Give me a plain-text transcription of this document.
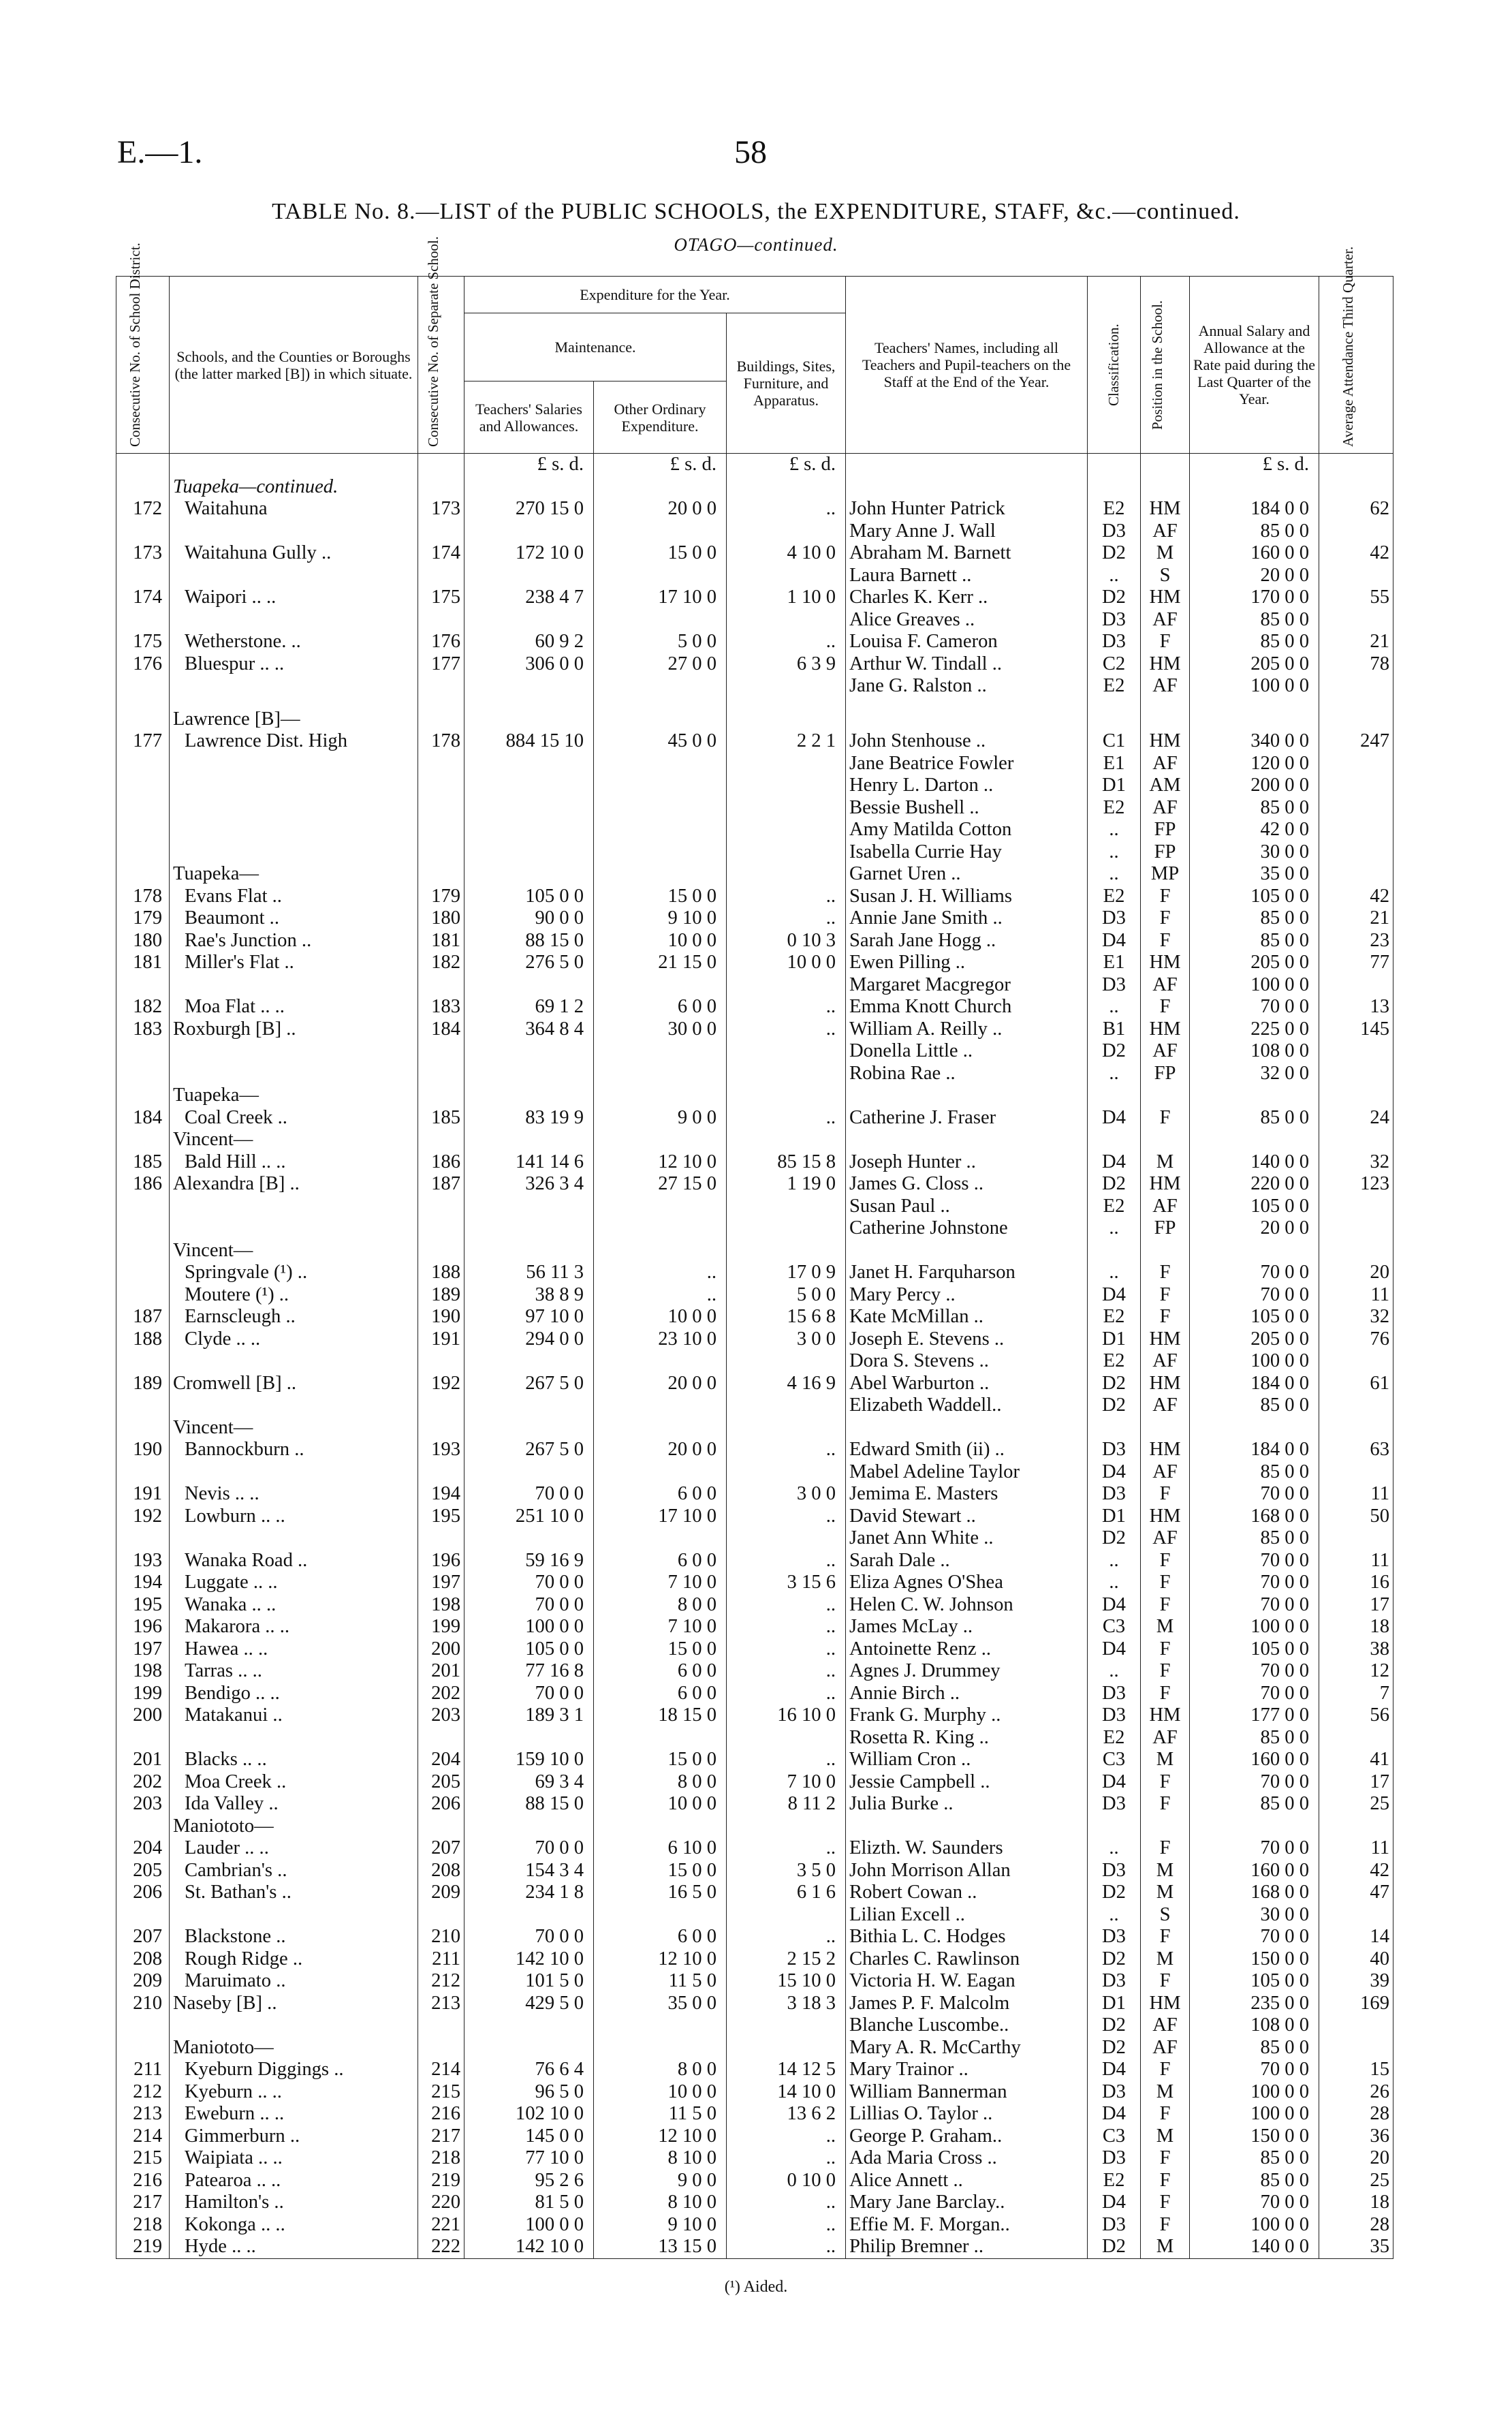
E.—1.	58
TABLE No. 8.—LIST of the PUBLIC SCHOOLS, the EXPENDITURE, STAFF, &c.—continued.
OTAGO—continued.
Consecutive No. of School District.	Schools, and the Counties or Boroughs (the latter marked [B]) in which situate.	Consecutive No. of Separate School.	Expenditure for the Year.			Teachers' Names, including all Teachers and Pupil-teachers on the Staff at the End of the Year.	Classification.	Position in the School.	Annual Salary and Allowance at the Rate paid during the Last Quarter of the Year.	Average Attendance Third Quarter.

			Maintenance.		Buildings, Sites, Furniture, and Apparatus.					
			Teachers' Salaries and Allowances.	Other Ordinary Expenditure.						
			£ s. d.	£ s. d.	£ s. d.				£ s. d.	
	Tuapeka—continued.									
172	Waitahuna	173	270 15 0	20 0 0	..	John Hunter Patrick	E2	HM	184 0 0	62
						Mary Anne J. Wall	D3	AF	85 0 0	
173	Waitahuna Gully ..	174	172 10 0	15 0 0	4 10 0	Abraham M. Barnett	D2	M	160 0 0	42
						Laura Barnett ..	..	S	20 0 0	
174	Waipori .. ..	175	238 4 7	17 10 0	1 10 0	Charles K. Kerr ..	D2	HM	170 0 0	55
						Alice Greaves ..	D3	AF	85 0 0	
175	Wetherstone. ..	176	60 9 2	5 0 0	..	Louisa F. Cameron	D3	F	85 0 0	21
176	Bluespur .. ..	177	306 0 0	27 0 0	6 3 9	Arthur W. Tindall ..	C2	HM	205 0 0	78
						Jane G. Ralston ..	E2	AF	100 0 0	

	Lawrence [B]—									
177	Lawrence Dist. High	178	884 15 10	45 0 0	2 2 1	John Stenhouse ..	C1	HM	340 0 0	247
						Jane Beatrice Fowler	E1	AF	120 0 0	
						Henry L. Darton ..	D1	AM	200 0 0	
						Bessie Bushell ..	E2	AF	85 0 0	
						Amy Matilda Cotton	..	FP	42 0 0	
						Isabella Currie Hay	..	FP	30 0 0	
	Tuapeka—					Garnet Uren ..	..	MP	35 0 0	
178	Evans Flat ..	179	105 0 0	15 0 0	..	Susan J. H. Williams	E2	F	105 0 0	42
179	Beaumont ..	180	90 0 0	9 10 0	..	Annie Jane Smith ..	D3	F	85 0 0	21
180	Rae's Junction ..	181	88 15 0	10 0 0	0 10 3	Sarah Jane Hogg ..	D4	F	85 0 0	23
181	Miller's Flat ..	182	276 5 0	21 15 0	10 0 0	Ewen Pilling ..	E1	HM	205 0 0	77
						Margaret Macgregor	D3	AF	100 0 0	
182	Moa Flat .. ..	183	69 1 2	6 0 0	..	Emma Knott Church	..	F	70 0 0	13
183	Roxburgh [B] ..	184	364 8 4	30 0 0	..	William A. Reilly ..	B1	HM	225 0 0	145
						Donella Little ..	D2	AF	108 0 0	
						Robina Rae ..	..	FP	32 0 0	
	Tuapeka—									
184	Coal Creek ..	185	83 19 9	9 0 0	..	Catherine J. Fraser	D4	F	85 0 0	24
	Vincent—									
185	Bald Hill .. ..	186	141 14 6	12 10 0	85 15 8	Joseph Hunter ..	D4	M	140 0 0	32
186	Alexandra [B] ..	187	326 3 4	27 15 0	1 19 0	James G. Closs ..	D2	HM	220 0 0	123
						Susan Paul ..	E2	AF	105 0 0	
						Catherine Johnstone	..	FP	20 0 0	
	Vincent—									
	Springvale (¹) ..	188	56 11 3	..	17 0 9	Janet H. Farquharson	..	F	70 0 0	20
	Moutere (¹) ..	189	38 8 9	..	5 0 0	Mary Percy ..	D4	F	70 0 0	11
187	Earnscleugh ..	190	97 10 0	10 0 0	15 6 8	Kate McMillan ..	E2	F	105 0 0	32
188	Clyde .. ..	191	294 0 0	23 10 0	3 0 0	Joseph E. Stevens ..	D1	HM	205 0 0	76
						Dora S. Stevens ..	E2	AF	100 0 0	
189	Cromwell [B] ..	192	267 5 0	20 0 0	4 16 9	Abel Warburton ..	D2	HM	184 0 0	61
						Elizabeth Waddell..	D2	AF	85 0 0	
	Vincent—									
190	Bannockburn ..	193	267 5 0	20 0 0	..	Edward Smith (ii) ..	D3	HM	184 0 0	63
						Mabel Adeline Taylor	D4	AF	85 0 0	
191	Nevis .. ..	194	70 0 0	6 0 0	3 0 0	Jemima E. Masters	D3	F	70 0 0	11
192	Lowburn .. ..	195	251 10 0	17 10 0	..	David Stewart ..	D1	HM	168 0 0	50
						Janet Ann White ..	D2	AF	85 0 0	
193	Wanaka Road ..	196	59 16 9	6 0 0	..	Sarah Dale ..	..	F	70 0 0	11
194	Luggate .. ..	197	70 0 0	7 10 0	3 15 6	Eliza Agnes O'Shea	..	F	70 0 0	16
195	Wanaka .. ..	198	70 0 0	8 0 0	..	Helen C. W. Johnson	D4	F	70 0 0	17
196	Makarora .. ..	199	100 0 0	7 10 0	..	James McLay ..	C3	M	100 0 0	18
197	Hawea .. ..	200	105 0 0	15 0 0	..	Antoinette Renz ..	D4	F	105 0 0	38
198	Tarras .. ..	201	77 16 8	6 0 0	..	Agnes J. Drummey	..	F	70 0 0	12
199	Bendigo .. ..	202	70 0 0	6 0 0	..	Annie Birch ..	D3	F	70 0 0	7
200	Matakanui ..	203	189 3 1	18 15 0	16 10 0	Frank G. Murphy ..	D3	HM	177 0 0	56
						Rosetta R. King ..	E2	AF	85 0 0	
201	Blacks .. ..	204	159 10 0	15 0 0	..	William Cron ..	C3	M	160 0 0	41
202	Moa Creek ..	205	69 3 4	8 0 0	7 10 0	Jessie Campbell ..	D4	F	70 0 0	17
203	Ida Valley ..	206	88 15 0	10 0 0	8 11 2	Julia Burke ..	D3	F	85 0 0	25
	Maniototo—									
204	Lauder .. ..	207	70 0 0	6 10 0	..	Elizth. W. Saunders	..	F	70 0 0	11
205	Cambrian's ..	208	154 3 4	15 0 0	3 5 0	John Morrison Allan	D3	M	160 0 0	42
206	St. Bathan's ..	209	234 1 8	16 5 0	6 1 6	Robert Cowan ..	D2	M	168 0 0	47
						Lilian Excell ..	..	S	30 0 0	
207	Blackstone ..	210	70 0 0	6 0 0	..	Bithia L. C. Hodges	D3	F	70 0 0	14
208	Rough Ridge ..	211	142 10 0	12 10 0	2 15 2	Charles C. Rawlinson	D2	M	150 0 0	40
209	Maruimato ..	212	101 5 0	11 5 0	15 10 0	Victoria H. W. Eagan	D3	F	105 0 0	39
210	Naseby [B] ..	213	429 5 0	35 0 0	3 18 3	James P. F. Malcolm	D1	HM	235 0 0	169
						Blanche Luscombe..	D2	AF	108 0 0	
	Maniototo—					Mary A. R. McCarthy	D2	AF	85 0 0	
211	Kyeburn Diggings ..	214	76 6 4	8 0 0	14 12 5	Mary Trainor ..	D4	F	70 0 0	15
212	Kyeburn .. ..	215	96 5 0	10 0 0	14 10 0	William Bannerman	D3	M	100 0 0	26
213	Eweburn .. ..	216	102 10 0	11 5 0	13 6 2	Lillias O. Taylor ..	D4	F	100 0 0	28
214	Gimmerburn ..	217	145 0 0	12 10 0	..	George P. Graham..	C3	M	150 0 0	36
215	Waipiata .. ..	218	77 10 0	8 10 0	..	Ada Maria Cross ..	D3	F	85 0 0	20
216	Patearoa .. ..	219	95 2 6	9 0 0	0 10 0	Alice Annett ..	E2	F	85 0 0	25
217	Hamilton's ..	220	81 5 0	8 10 0	..	Mary Jane Barclay..	D4	F	70 0 0	18
218	Kokonga .. ..	221	100 0 0	9 10 0	..	Effie M. F. Morgan..	D3	F	100 0 0	28
219	Hyde .. ..	222	142 10 0	13 15 0	..	Philip Bremner ..	D2	M	140 0 0	35
(¹) Aided.
